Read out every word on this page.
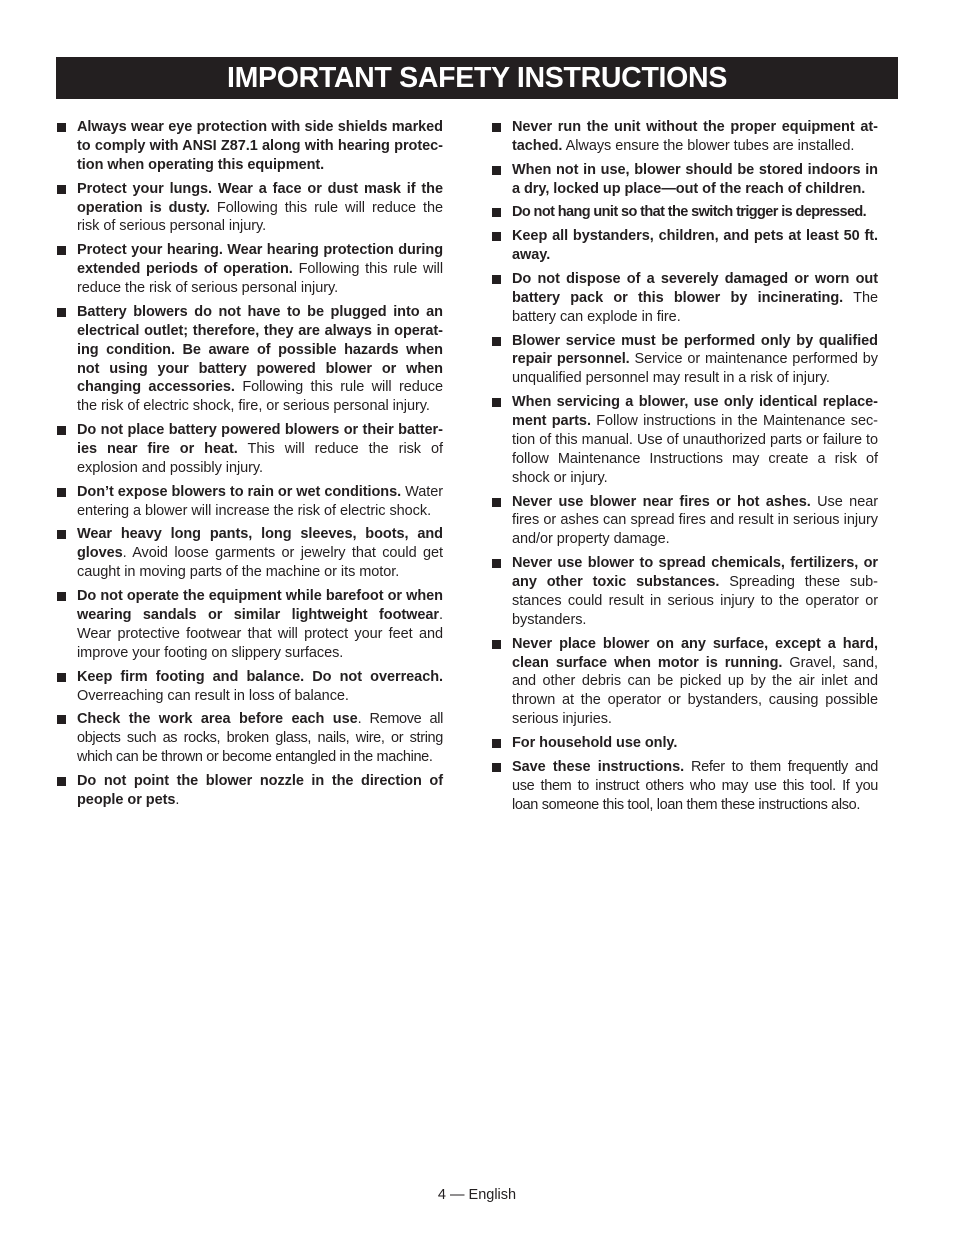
IMPORTANT SAFETY INSTRUCTIONS
Always wear eye protection with side shields marked to comply with ANSI Z87.1 along with hearing protection when operating this equipment.
Protect your lungs. Wear a face or dust mask if the operation is dusty. Following this rule will reduce the risk of serious personal injury.
Protect your hearing. Wear hearing protection during extended periods of operation. Following this rule will reduce the risk of serious personal injury.
Battery blowers do not have to be plugged into an electrical outlet; therefore, they are always in operating condition. Be aware of possible hazards when not using your battery powered blower or when changing accessories. Following this rule will reduce the risk of electric shock, fire, or serious personal injury.
Do not place battery powered blowers or their batteries near fire or heat. This will reduce the risk of explosion and possibly injury.
Don’t expose blowers to rain or wet conditions. Water entering a blower will increase the risk of electric shock.
Wear heavy long pants, long sleeves, boots, and gloves. Avoid loose garments or jewelry that could get caught in moving parts of the machine or its motor.
Do not operate the equipment while barefoot or when wearing sandals or similar lightweight footwear. Wear protective footwear that will protect your feet and improve your footing on slippery surfaces.
Keep firm footing and balance. Do not overreach. Overreaching can result in loss of balance.
Check the work area before each use. Remove all objects such as rocks, broken glass, nails, wire, or string which can be thrown or become entangled in the machine.
Do not point the blower nozzle in the direction of people or pets.
Never run the unit without the proper equipment attached. Always ensure the blower tubes are installed.
When not in use, blower should be stored indoors in a dry, locked up place—out of the reach of children.
Do not hang unit so that the switch trigger is depressed.
Keep all bystanders, children, and pets at least 50 ft. away.
Do not dispose of a severely damaged or worn out battery pack or this blower by incinerating. The battery can explode in fire.
Blower service must be performed only by qualified repair personnel. Service or maintenance performed by unqualified personnel may result in a risk of injury.
When servicing a blower, use only identical replacement parts. Follow instructions in the Maintenance section of this manual. Use of unauthorized parts or failure to follow Maintenance Instructions may create a risk of shock or injury.
Never use blower near fires or hot ashes. Use near fires or ashes can spread fires and result in serious injury and/or property damage.
Never use blower to spread chemicals, fertilizers, or any other toxic substances. Spreading these substances could result in serious injury to the operator or bystanders.
Never place blower on any surface, except a hard, clean surface when motor is running. Gravel, sand, and other debris can be picked up by the air inlet and thrown at the operator or bystanders, causing possible serious injuries.
For household use only.
Save these instructions. Refer to them frequently and use them to instruct others who may use this tool. If you loan someone this tool, loan them these instructions also.
4 — English
